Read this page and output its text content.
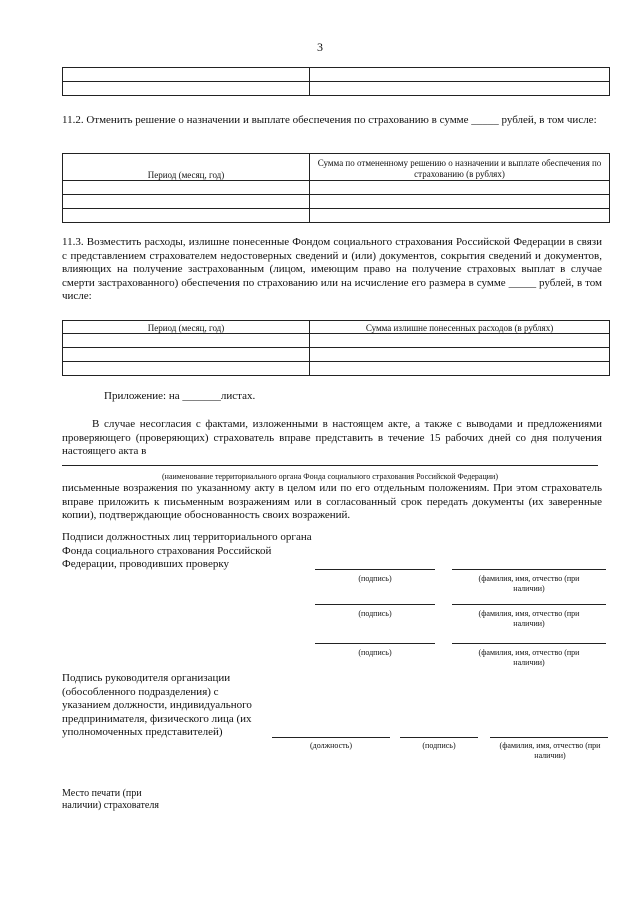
3

11.2. Отменить решение о назначении и выплате обеспечения по страхованию в сумме _____ рублей, в том числе:
Период (месяц, год)	Сумма по отмененному решению о назначении и выплате обеспечения по страхованию (в рублях)

11.3. Возместить расходы, излишне понесенные Фондом социального страхования Российской Федерации в связи с представлением страхователем недостоверных сведений и (или) документов, сокрытия сведений и документов, влияющих на получение застрахованным (лицом, имеющим право на получение страховых выплат в случае смерти застрахованного) обеспечения по страхованию или на исчисление его размера в сумме _____ рублей, в том числе:
Период (месяц, год)	Сумма излишне понесенных расходов (в рублях)

Приложение: на _______листах.
В случае несогласия с фактами, изложенными в настоящем акте, а также с выводами и предложениями проверяющего (проверяющих) страхователь вправе представить в течение 15 рабочих дней со дня получения настоящего акта в
(наименование территориального органа Фонда социального страхования Российской Федерации)
письменные возражения по указанному акту в целом или по его отдельным положениям. При этом страхователь вправе приложить к письменным возражениям или в согласованный срок передать документы (их заверенные копии), подтверждающие обоснованность своих возражений.
Подписи должностных лиц территориального органа Фонда социального страхования Российской Федерации, проводивших проверку
(подпись)	(фамилия, имя, отчество (при наличии)
(подпись)	(фамилия, имя, отчество (при наличии)
(подпись)	(фамилия, имя, отчество (при наличии)
Подпись руководителя организации (обособленного подразделения) с указанием должности, индивидуального предпринимателя, физического лица (их уполномоченных представителей)
(должность)	(подпись)	(фамилия, имя, отчество (при наличии)
Место печати (при наличии) страхователя
